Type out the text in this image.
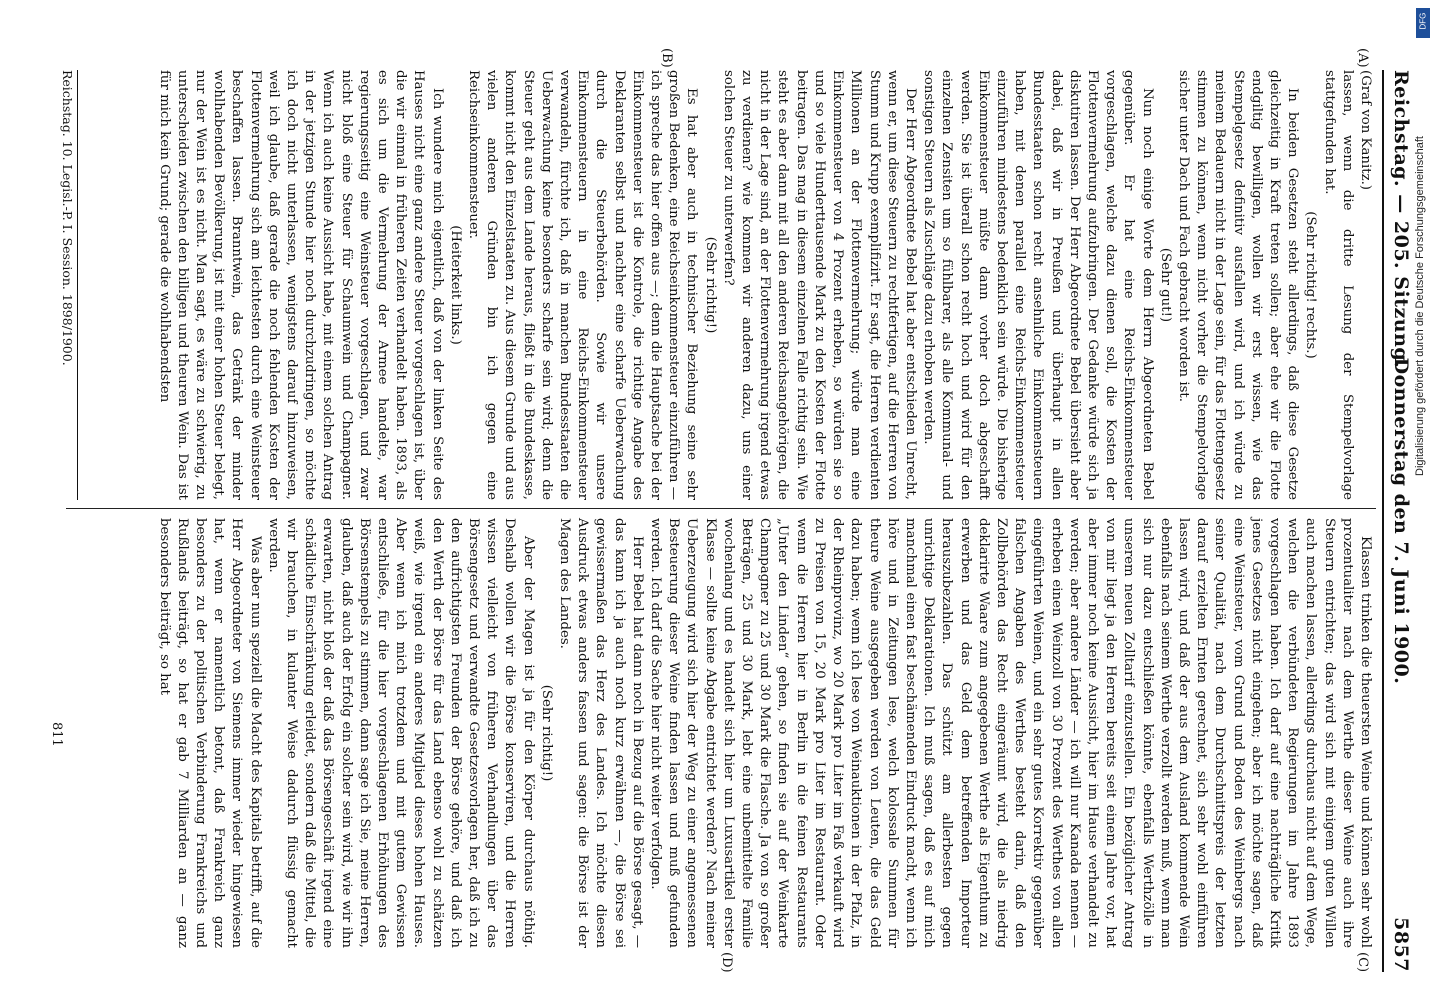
Reichstag. — 205. Sitzung.
Donnerstag den 7. Juni 1900.
5857
(A)
(B)
(C)
(D)

(Graf von Kanitz.)

lassen, wenn die dritte Lesung der Stempelvorlage stattgefunden hat.

(Sehr richtig! rechts.)

In beiden Gesetzen steht allerdings, daß diese Gesetze gleichzeitig in Kraft treten sollen; aber ehe wir die Flotte endgiltig bewilligen, wollen wir erst wissen, wie das Stempelgesetz definitiv ausfallen wird, und ich würde zu meinem Bedauern nicht in der Lage sein, für das Flottengesetz stimmen zu können, wenn nicht vorher die Stempelvorlage sicher unter Dach und Fach gebracht worden ist.

(Sehr gut!)

Nun noch einige Worte dem Herrn Abgeordneten Bebel gegenüber. Er hat eine Reichs-Einkommensteuer vorgeschlagen, welche dazu dienen soll, die Kosten der Flottenvermehrung aufzubringen. Der Gedanke würde sich ja diskutiren lassen. Der Herr Abgeordnete Bebel übersieht aber dabei, daß wir in Preußen und überhaupt in allen Bundesstaaten schon recht ansehnliche Einkommensteuern haben, mit denen parallel eine Reichs-Einkommensteuer einzuführen mindestens bedenklich sein würde. Die bisherige Einkommensteuer müßte dann vorher doch abgeschafft werden. Sie ist überall schon recht hoch und wird für den einzelnen Zensiten um so fühlbarer, als alle Kommunal- und sonstigen Steuern als Zuschläge dazu erhoben werden.

Der Herr Abgeordnete Bebel hat aber entschieden Unrecht, wenn er, um diese Steuern zu rechtfertigen, auf die Herren von Stumm und Krupp exemplifizirt. Er sagt, die Herren verdienten Millionen an der Flottenvermehrung; würde man eine Einkommensteuer von 4 Prozent erheben, so würden sie so und so viele Hunderttausende Mark zu den Kosten der Flotte beitragen. Das mag in diesem einzelnen Falle richtig sein. Wie steht es aber dann mit all den anderen Reichsangehörigen, die nicht in der Lage sind, an der Flottenvermehrung irgend etwas zu verdienen? wie kommen wir anderen dazu, uns einer solchen Steuer zu unterwerfen?

(Sehr richtig!)

Es hat aber auch in technischer Beziehung seine sehr großen Bedenken, eine Reichseinkommensteuer einzuführen — ich spreche das hier offen aus —; denn die Hauptsache bei der Einkommensteuer ist die Kontrole, die richtige Angabe des Deklaranten selbst und nachher eine scharfe Ueberwachung durch die Steuerbehörden. Sowie wir unsere Einkommensteuern in eine Reichs-Einkommensteuer verwandeln, fürchte ich, daß in manchen Bundesstaaten die Ueberwachung keine besonders scharfe sein wird; denn die Steuer geht aus dem Lande heraus, fließt in die Bundeskasse, kommt nicht den Einzelstaaten zu. Aus diesem Grunde und aus vielen anderen Gründen bin ich gegen eine Reichseinkommensteuer.

(Heiterkeit links.)

Ich wundere mich eigentlich, daß von der linken Seite des Hauses nicht eine ganz andere Steuer vorgeschlagen ist, über die wir einmal in früheren Zeiten verhandelt haben. 1893, als es sich um die Vermehrung der Armee handelte, war regierungsseitig eine Weinsteuer vorgeschlagen, und zwar nicht bloß eine Steuer für Schaumwein und Champagner. Wenn ich auch keine Aussicht habe, mit einem solchen Antrag in der jetzigen Stunde hier noch durchzudringen, so möchte ich doch nicht unterlassen, wenigstens darauf hinzuweisen, weil ich glaube, daß gerade die noch fehlenden Kosten der Flottenvermehrung sich am leichtesten durch eine Weinsteuer beschaffen lassen. Branntwein, das Getränk der minder wohlhabenden Bevölkerung, ist mit einer hohen Steuer belegt, nur der Wein ist es nicht. Man sagt, es wäre zu schwierig, zu unterscheiden zwischen den billigen und theuren Wein. Das ist für mich kein Grund; gerade die wohlhabendsten

Klassen trinken die theuersten Weine und können sehr wohl prozentualiter nach dem Werthe dieser Weine auch ihre Steuern entrichten; das wird sich mit einigem guten Willen auch machen lassen, allerdings durchaus nicht auf dem Wege, welchen die verbündeten Regierungen im Jahre 1893 vorgeschlagen haben. Ich darf auf eine nachträgliche Kritik jenes Gesetzes nicht eingehen; aber ich möchte sagen, daß eine Weinsteuer, vom Grund und Boden des Weinbergs nach seiner Qualität, nach dem Durchschnittspreis der letzten darauf erzielten Ernten gerechnet, sich sehr wohl einführen lassen wird, und daß der aus dem Ausland kommende Wein ebenfalls nach seinem Werthe verzollt werden muß, wenn man sich nur dazu entschließen könnte, ebenfalls Werthzölle in unserem neuen Zolltarif einzustellen. Ein bezüglicher Antrag von mir liegt ja den Herren bereits seit einem Jahre vor, hat aber immer noch keine Aussicht, hier im Hause verhandelt zu werden; aber andere Länder — ich will nur Kanada nennen — erheben einen Weinzoll von 30 Prozent des Werthes von allen eingeführten Weinen, und ein sehr gutes Korrektiv gegenüber falschen Angaben des Werthes besteht darin, daß den Zollbehörden das Recht eingeräumt wird, die als niedrig deklarirte Waare zum angegebenen Werthe als Eigenthum zu erwerben und das Geld dem betreffenden Importeur herauszubezahlen. Das schützt am allerbesten gegen unrichtige Deklarationen. Ich muß sagen, daß es auf mich manchmal einen fast beschämenden Eindruck macht, wenn ich höre und in Zeitungen lese, welch kolossale Summen für theure Weine ausgegeben werden von Leuten, die das Geld dazu haben; wenn ich lese von Weinauktionen in der Pfalz, in der Rheinprovinz, wo 20 Mark pro Liter im Faß verkauft wird zu Preisen von 15, 20 Mark pro Liter im Restaurant. Oder wenn die Herren hier in Berlin in die feinen Restaurants „Unter den Linden“ gehen, so finden sie auf der Weinkarte Champagner zu 25 und 30 Mark die Flasche. Ja von so großer Beträgen, 25 und 30 Mark, lebt eine unbemittelte Familie wochenlang und es handelt sich hier um Luxusartikel erster Klasse — sollte keine Abgabe entrichtet werden? Nach meiner Ueberzeugung wird sich hier der Weg zu einer angemessenen Besteuerung dieser Weine finden lassen und muß gefunden werden. Ich darf die Sache hier nicht weiter verfolgen.

Herr Bebel hat dann noch in Bezug auf die Börse gesagt, — das kann ich ja auch noch kurz erwähnen —, die Börse sei gewissermaßen das Herz des Landes. Ich möchte diesen Ausdruck etwas anders fassen und sagen: die Börse ist der Magen des Landes.

(Sehr richtig!)

Aber der Magen ist ja für den Körper durchaus nöthig. Deshalb wollen wir die Börse konserviren, und die Herren wissen vielleicht von früheren Verhandlungen über das Börsengesetz und verwandte Gesetzesvorlagen her, daß ich zu den aufrichtigsten Freunden der Börse gehöre, und daß ich den Werth der Börse für das Land ebenso wohl zu schätzen weiß, wie irgend ein anderes Mitglied dieses hohen Hauses. Aber wenn ich mich trotzdem und mit gutem Gewissen entschließe, für die hier vorgeschlagenen Erhöhungen des Börsenstempels zu stimmen, dann sage ich Sie, meine Herren, glauben, daß auch der Erfolg ein solcher sein wird, wie wir ihn erwarten, nicht bloß der daß das Börsengeschäft irgend eine schädliche Einschränkung erleidet, sondern daß die Mittel, die wir brauchen, in kulanter Weise dadurch flüssig gemacht werden.

Was aber nun speziell die Macht des Kapitals betrifft, auf die Herr Abgeordneter von Siemens immer wieder hingewiesen hat, wenn er namentlich betont, daß Frankreich ganz besonders zu der politischen Verbinderung Frankreichs und Rußlands beiträgt, so hat er gab 7 Milliarden an — ganz besonders beiträgt, so hat

Reichstag. 10. Legisl.-P. I. Session. 1898/1900.
811
DFG
Digitalisierung gefördert durch die Deutsche Forschungsgemeinschaft
